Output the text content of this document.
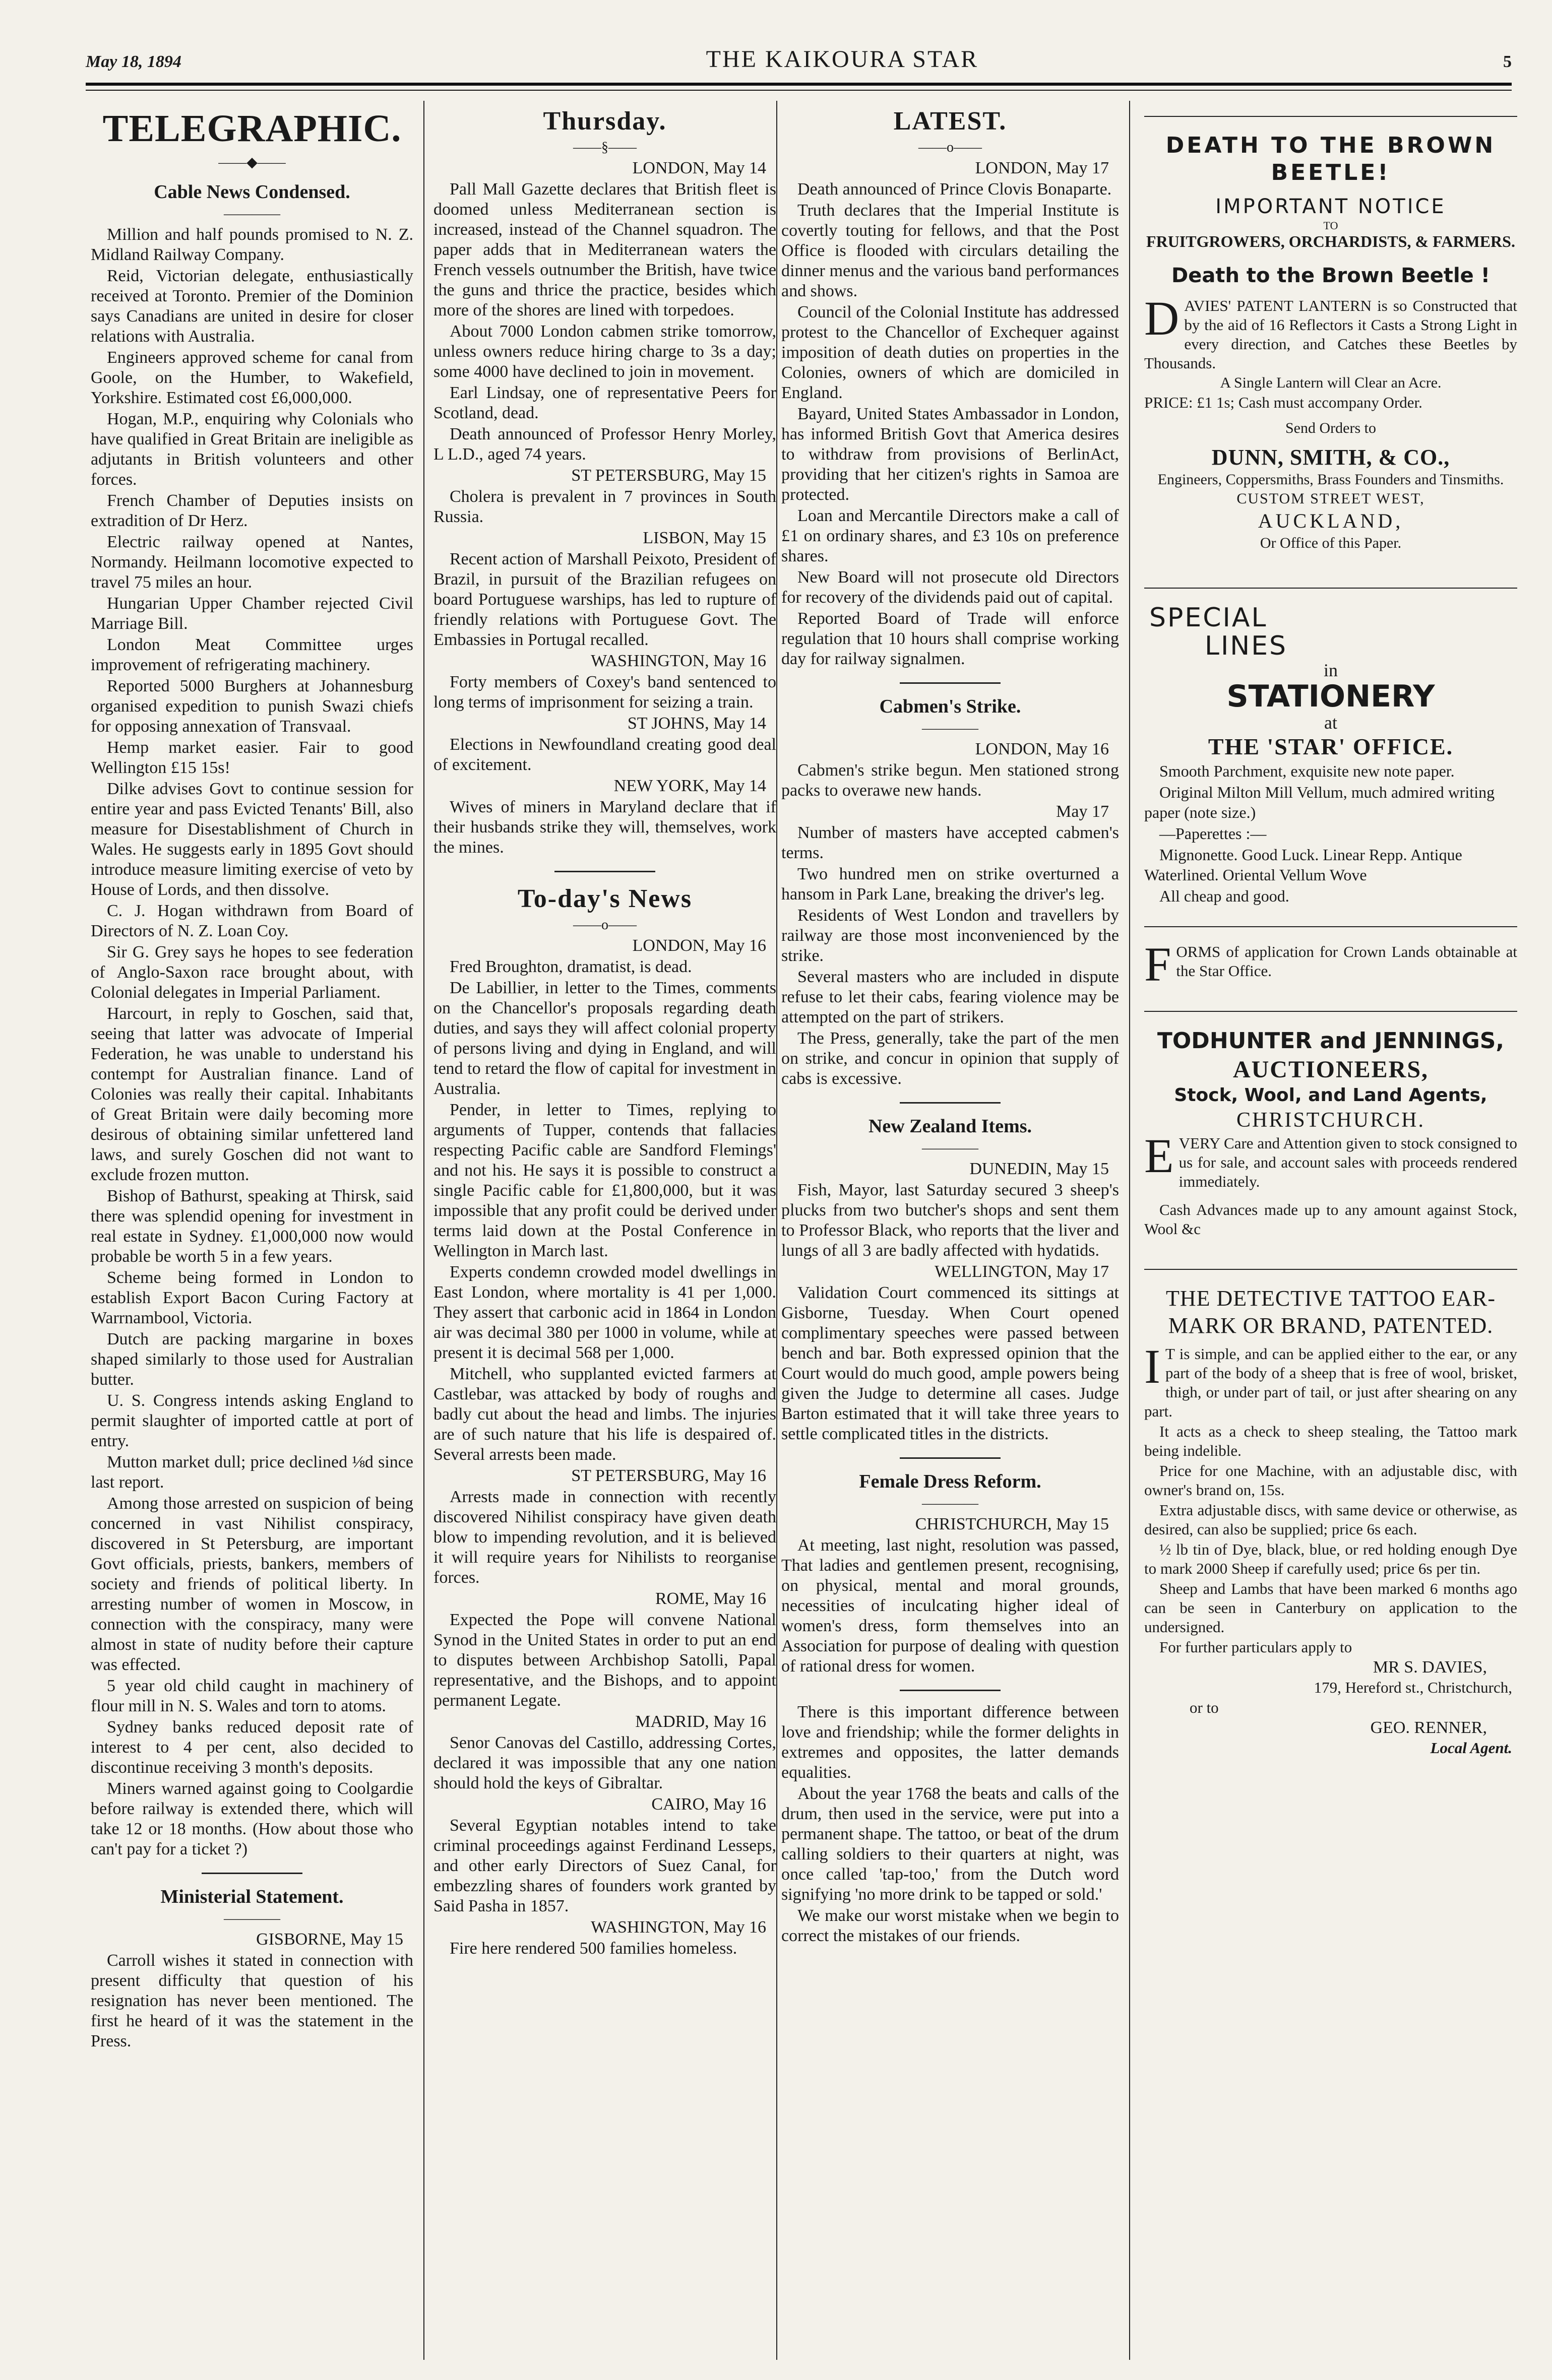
May 18, 1894	THE KAIKOURA STAR	5
TELEGRAPHIC.
——◆——
Cable News Condensed.
————

Million and half pounds promised to N. Z. Midland Railway Company.

Reid, Victorian delegate, enthusiastically received at Toronto. Premier of the Dominion says Canadians are united in desire for closer relations with Australia.

Engineers approved scheme for canal from Goole, on the Humber, to Wakefield, Yorkshire. Estimated cost £6,000,000.

Hogan, M.P., enquiring why Colonials who have qualified in Great Britain are ineligible as adjutants in British volunteers and other forces.

French Chamber of Deputies insists on extradition of Dr Herz.

Electric railway opened at Nantes, Normandy. Heilmann locomotive expected to travel 75 miles an hour.

Hungarian Upper Chamber rejected Civil Marriage Bill.

London Meat Committee urges improvement of refrigerating machinery.

Reported 5000 Burghers at Johannesburg organised expedition to punish Swazi chiefs for opposing annexation of Transvaal.

Hemp market easier. Fair to good Wellington £15 15s!

Dilke advises Govt to continue session for entire year and pass Evicted Tenants' Bill, also measure for Disestablishment of Church in Wales. He suggests early in 1895 Govt should introduce measure limiting exercise of veto by House of Lords, and then dissolve.

C. J. Hogan withdrawn from Board of Directors of N. Z. Loan Coy.

Sir G. Grey says he hopes to see federation of Anglo-Saxon race brought about, with Colonial delegates in Imperial Parliament.

Harcourt, in reply to Goschen, said that, seeing that latter was advocate of Imperial Federation, he was unable to understand his contempt for Australian finance. Land of Colonies was really their capital. Inhabitants of Great Britain were daily becoming more desirous of obtaining similar unfettered land laws, and surely Goschen did not want to exclude frozen mutton.

Bishop of Bathurst, speaking at Thirsk, said there was splendid opening for investment in real estate in Sydney. £1,000,000 now would probable be worth 5 in a few years.

Scheme being formed in London to establish Export Bacon Curing Factory at Warrnambool, Victoria.

Dutch are packing margarine in boxes shaped similarly to those used for Australian butter.

U. S. Congress intends asking England to permit slaughter of imported cattle at port of entry.

Mutton market dull; price declined ⅛d since last report.

Among those arrested on suspicion of being concerned in vast Nihilist conspiracy, discovered in St Petersburg, are important Govt officials, priests, bankers, members of society and friends of political liberty. In arresting number of women in Moscow, in connection with the conspiracy, many were almost in state of nudity before their capture was effected.

5 year old child caught in machinery of flour mill in N. S. Wales and torn to atoms.

Sydney banks reduced deposit rate of interest to 4 per cent, also decided to discontinue receiving 3 month's deposits.

Miners warned against going to Coolgardie before railway is extended there, which will take 12 or 18 months. (How about those who can't pay for a ticket ?)

Ministerial Statement.
————

GISBORNE, May 15

Carroll wishes it stated in connection with present difficulty that question of his resignation has never been mentioned. The first he heard of it was the statement in the Press.

Thursday.
——§——

LONDON, May 14

Pall Mall Gazette declares that British fleet is doomed unless Mediterranean section is increased, instead of the Channel squadron. The paper adds that in Mediterranean waters the French vessels outnumber the British, have twice the guns and thrice the practice, besides which more of the shores are lined with torpedoes.

About 7000 London cabmen strike tomorrow, unless owners reduce hiring charge to 3s a day; some 4000 have declined to join in movement.

Earl Lindsay, one of representative Peers for Scotland, dead.

Death announced of Professor Henry Morley, L L.D., aged 74 years.

ST PETERSBURG, May 15

Cholera is prevalent in 7 provinces in South Russia.

LISBON, May 15

Recent action of Marshall Peixoto, President of Brazil, in pursuit of the Brazilian refugees on board Portuguese warships, has led to rupture of friendly relations with Portuguese Govt. The Embassies in Portugal recalled.

WASHINGTON, May 16

Forty members of Coxey's band sentenced to long terms of imprisonment for seizing a train.

ST JOHNS, May 14

Elections in Newfoundland creating good deal of excitement.

NEW YORK, May 14

Wives of miners in Maryland declare that if their husbands strike they will, themselves, work the mines.

To-day's News
——o——

LONDON, May 16

Fred Broughton, dramatist, is dead.

De Labillier, in letter to the Times, comments on the Chancellor's proposals regarding death duties, and says they will affect colonial property of persons living and dying in England, and will tend to retard the flow of capital for investment in Australia.

Pender, in letter to Times, replying to arguments of Tupper, contends that fallacies respecting Pacific cable are Sandford Flemings' and not his. He says it is possible to construct a single Pacific cable for £1,800,000, but it was impossible that any profit could be derived under terms laid down at the Postal Conference in Wellington in March last.

Experts condemn crowded model dwellings in East London, where mortality is 41 per 1,000. They assert that carbonic acid in 1864 in London air was decimal 380 per 1000 in volume, while at present it is decimal 568 per 1,000.

Mitchell, who supplanted evicted farmers at Castlebar, was attacked by body of roughs and badly cut about the head and limbs. The injuries are of such nature that his life is despaired of. Several arrests been made.

ST PETERSBURG, May 16

Arrests made in connection with recently discovered Nihilist conspiracy have given death blow to impending revolution, and it is believed it will require years for Nihilists to reorganise forces.

ROME, May 16

Expected the Pope will convene National Synod in the United States in order to put an end to disputes between Archbishop Satolli, Papal representative, and the Bishops, and to appoint permanent Legate.

MADRID, May 16

Senor Canovas del Castillo, addressing Cortes, declared it was impossible that any one nation should hold the keys of Gibraltar.

CAIRO, May 16

Several Egyptian notables intend to take criminal proceedings against Ferdinand Lesseps, and other early Directors of Suez Canal, for embezzling shares of founders work granted by Said Pasha in 1857.

WASHINGTON, May 16

Fire here rendered 500 families homeless.

LATEST.
——o——

LONDON, May 17

Death announced of Prince Clovis Bonaparte.

Truth declares that the Imperial Institute is covertly touting for fellows, and that the Post Office is flooded with circulars detailing the dinner menus and the various band performances and shows.

Council of the Colonial Institute has addressed protest to the Chancellor of Exchequer against imposition of death duties on properties in the Colonies, owners of which are domiciled in England.

Bayard, United States Ambassador in London, has informed British Govt that America desires to withdraw from provisions of BerlinAct, providing that her citizen's rights in Samoa are protected.

Loan and Mercantile Directors make a call of £1 on ordinary shares, and £3 10s on preference shares.

New Board will not prosecute old Directors for recovery of the dividends paid out of capital.

Reported Board of Trade will enforce regulation that 10 hours shall comprise working day for railway signalmen.

Cabmen's Strike.
————

LONDON, May 16

Cabmen's strike begun. Men stationed strong packs to overawe new hands.

May 17

Number of masters have accepted cabmen's terms.

Two hundred men on strike overturned a hansom in Park Lane, breaking the driver's leg.

Residents of West London and travellers by railway are those most inconvenienced by the strike.

Several masters who are included in dispute refuse to let their cabs, fearing violence may be attempted on the part of strikers.

The Press, generally, take the part of the men on strike, and concur in opinion that supply of cabs is excessive.

New Zealand Items.
————

DUNEDIN, May 15

Fish, Mayor, last Saturday secured 3 sheep's plucks from two butcher's shops and sent them to Professor Black, who reports that the liver and lungs of all 3 are badly affected with hydatids.

WELLINGTON, May 17

Validation Court commenced its sittings at Gisborne, Tuesday. When Court opened complimentary speeches were passed between bench and bar. Both expressed opinion that the Court would do much good, ample powers being given the Judge to determine all cases. Judge Barton estimated that it will take three years to settle complicated titles in the districts.

Female Dress Reform.
————

CHRISTCHURCH, May 15

At meeting, last night, resolution was passed, That ladies and gentlemen present, recognising, on physical, mental and moral grounds, necessities of inculcating higher ideal of women's dress, form themselves into an Association for purpose of dealing with question of rational dress for women.

There is this important difference between love and friendship; while the former delights in extremes and opposites, the latter demands equalities.

About the year 1768 the beats and calls of the drum, then used in the service, were put into a permanent shape. The tattoo, or beat of the drum calling soldiers to their quarters at night, was once called 'tap-too,' from the Dutch word signifying 'no more drink to be tapped or sold.'

We make our worst mistake when we begin to correct the mistakes of our friends.

DEATH TO THE BROWN BEETLE!
IMPORTANT NOTICE
TO
FRUITGROWERS, ORCHARDISTS, & FARMERS.
Death to the Brown Beetle !

DAVIES' PATENT LANTERN is so Constructed that by the aid of 16 Reflectors it Casts a Strong Light in every direction, and Catches these Beetles by Thousands.

A Single Lantern will Clear an Acre.

PRICE: £1 1s; Cash must accompany Order.

Send Orders to

DUNN, SMITH, & CO.,

Engineers, Coppersmiths, Brass Founders and Tinsmiths.

CUSTOM STREET WEST,

AUCKLAND,

Or Office of this Paper.

SPECIAL
LINES
in
STATIONERY
at
THE 'STAR' OFFICE.

Smooth Parchment, exquisite new note paper.

Original Milton Mill Vellum, much admired writing paper (note size.)

—Paperettes :—

Mignonette. Good Luck. Linear Repp. Antique Waterlined. Oriental Vellum Wove

All cheap and good.

FORMS of application for Crown Lands obtainable at the Star Office.

TODHUNTER and JENNINGS,
AUCTIONEERS,
Stock, Wool, and Land Agents,
CHRISTCHURCH.

EVERY Care and Attention given to stock consigned to us for sale, and account sales with proceeds rendered immediately.

Cash Advances made up to any amount against Stock, Wool &c

THE DETECTIVE TATTOO EAR-MARK OR BRAND, PATENTED.

I T is simple, and can be applied either to the ear, or any part of the body of a sheep that is free of wool, brisket, thigh, or under part of tail, or just after shearing on any part.

It acts as a check to sheep stealing, the Tattoo mark being indelible.

Price for one Machine, with an adjustable disc, with owner's brand on, 15s.

Extra adjustable discs, with same device or otherwise, as desired, can also be supplied; price 6s each.

½ lb tin of Dye, black, blue, or red holding enough Dye to mark 2000 Sheep if carefully used; price 6s per tin.

Sheep and Lambs that have been marked 6 months ago can be seen in Canterbury on application to the undersigned.

For further particulars apply to

MR S. DAVIES,

179, Hereford st., Christchurch,

or to

GEO. RENNER,

Local Agent.
